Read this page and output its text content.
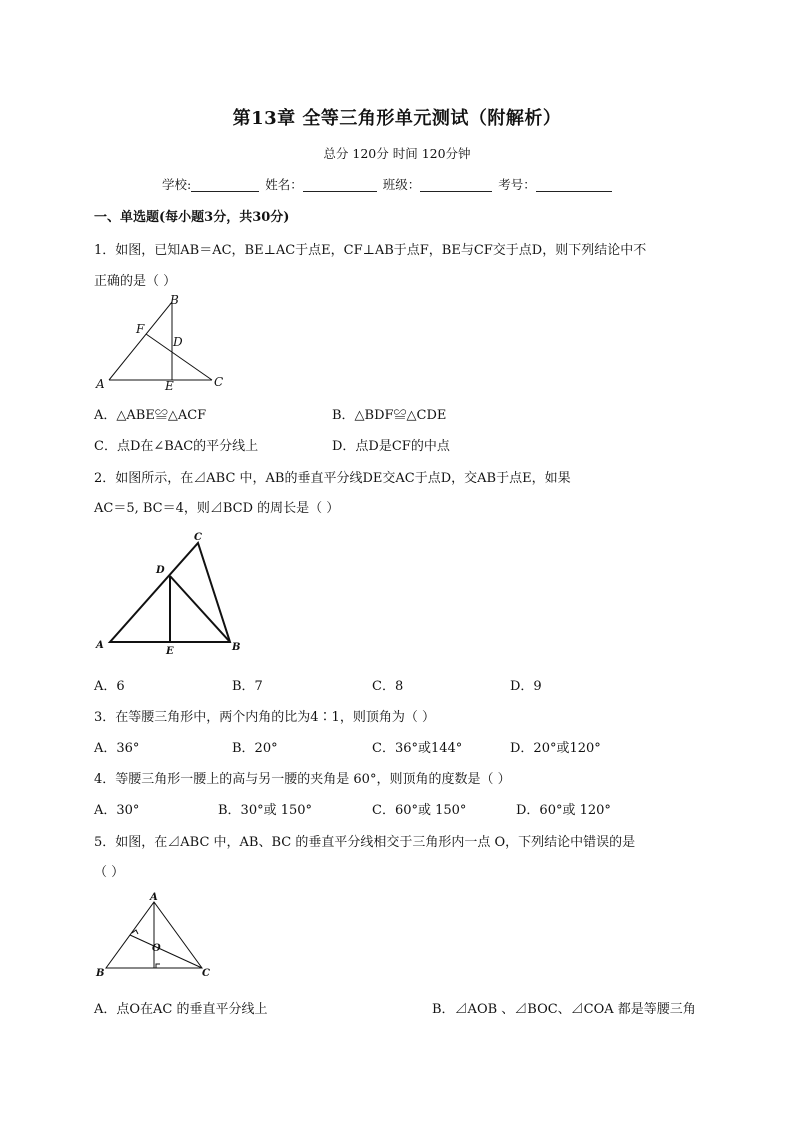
第13章 全等三角形单元测试（附解析）
总分 120分 时间 120分钟
学校:	姓名：	班级：	考号：
一、单选题(每小题3分，共30分)
1．如图，已知AB＝AC，BE⊥AC于点E，CF⊥AB于点F，BE与CF交于点D，则下列结论中不
正确的是（ ）
B
F
D
A	E	C
A．△ABE≌△ACF	B．△BDF≌△CDE
C．点D在∠BAC的平分线上	D．点D是CF的中点
2．如图所示，在⊿ABC 中，AB的垂直平分线DE交AC于点D，交AB于点E，如果
AC＝5, BC＝4，则⊿BCD 的周长是（ ）
C
D
A
E	B
A．6	B．7	C．8	D．9
3．在等腰三角形中，两个内角的比为4∶1，则顶角为（ ）
A．36°	B．20°	C．36°或144°	D．20°或120°
4．等腰三角形一腰上的高与另一腰的夹角是 60°，则顶角的度数是（ ）
A．30°	B．30°或 150°	C．60°或 150°	D．60°或 120°
5．如图，在⊿ABC 中，AB、BC 的垂直平分线相交于三角形内一点 O，下列结论中错误的是
（ ）
A
O
B	C
A．点O在AC 的垂直平分线上	B．⊿AOB 、⊿BOC、⊿COA 都是等腰三角
